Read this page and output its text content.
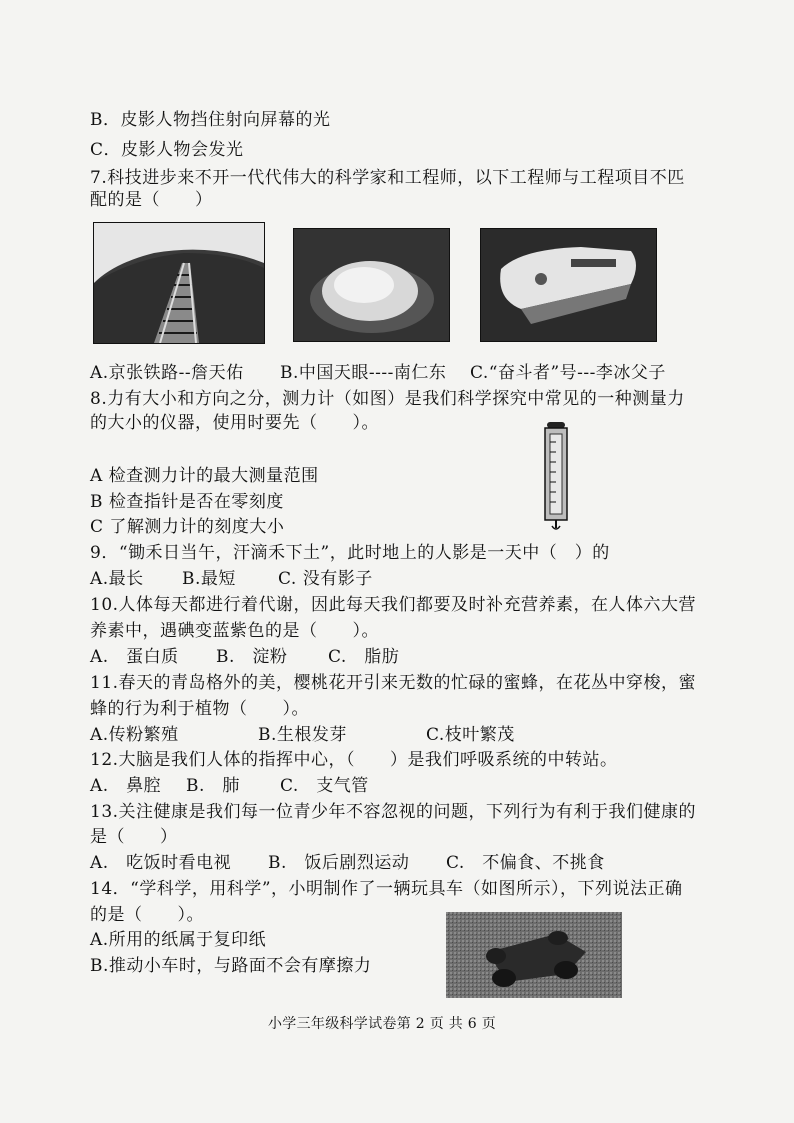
B．皮影人物挡住射向屏幕的光
C．皮影人物会发光
7.科技进步来不开一代代伟大的科学家和工程师，以下工程师与工程项目不匹
配的是（　　）
A.京张铁路--詹天佑	B.中国天眼----南仁东	C.“奋斗者”号---李冰父子
8.力有大小和方向之分，测力计（如图）是我们科学探究中常见的一种测量力
的大小的仪器，使用时要先（　　）。
A 检查测力计的最大测量范围
B 检查指针是否在零刻度
C 了解测力计的刻度大小
9．“锄禾日当午，汗滴禾下土”，此时地上的人影是一天中（　）的
A.最长	B.最短	C. 没有影子
10.人体每天都进行着代谢，因此每天我们都要及时补充营养素，在人体六大营
养素中，遇碘变蓝紫色的是（　　）。
A.　蛋白质	B.　淀粉	C.　脂肪
11.春天的青岛格外的美，樱桃花开引来无数的忙碌的蜜蜂，在花丛中穿梭，蜜
蜂的行为利于植物（　　）。
A.传粉繁殖	B.生根发芽	C.枝叶繁茂
12.大脑是我们人体的指挥中心，（　　）是我们呼吸系统的中转站。
A.　鼻腔	B.　肺	C.　支气管
13.关注健康是我们每一位青少年不容忽视的问题，下列行为有利于我们健康的
是（　　）
A.　吃饭时看电视	B.　饭后剧烈运动	C.　不偏食、不挑食
14．“学科学，用科学”，小明制作了一辆玩具车（如图所示），下列说法正确
的是（　　）。
A.所用的纸属于复印纸
B.推动小车时，与路面不会有摩擦力
小学三年级科学试卷第 2 页 共 6 页
